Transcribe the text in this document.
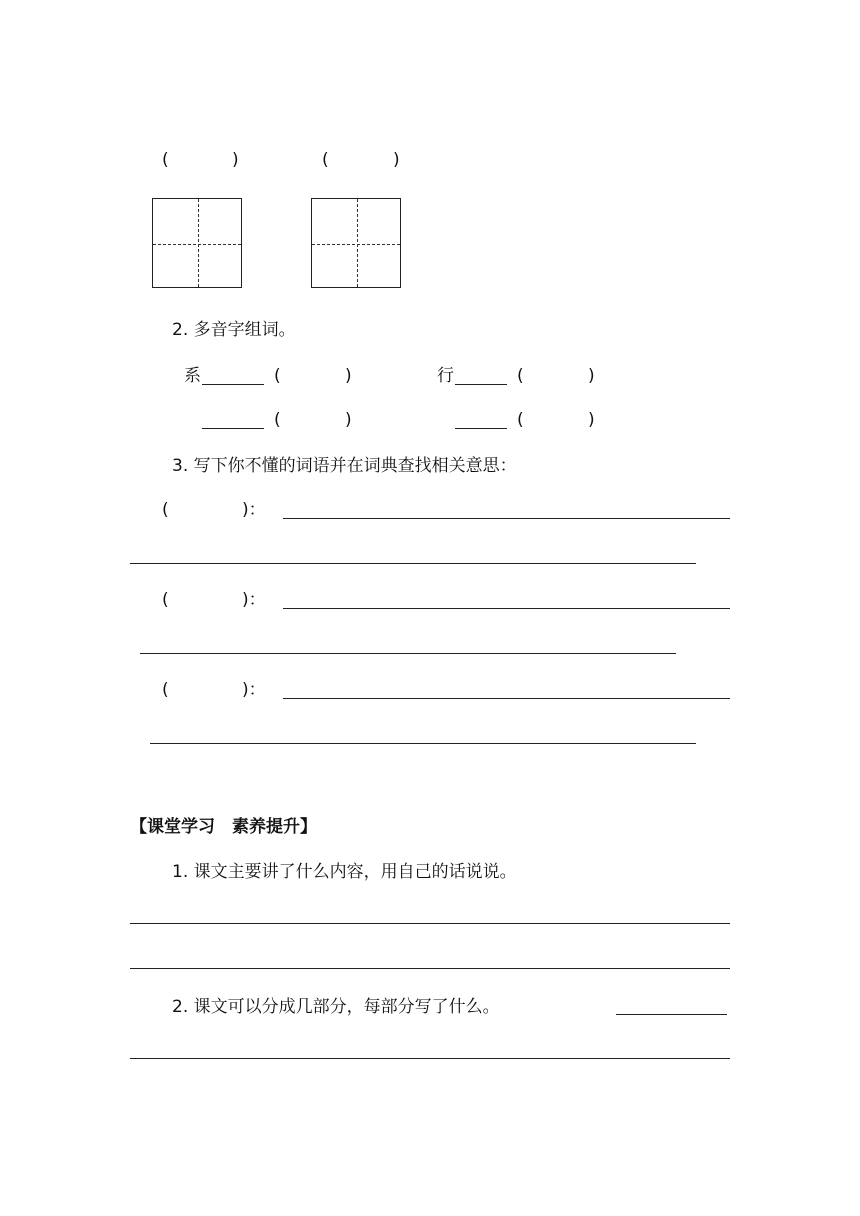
(	)	(	)
2. 多音字组词。
系	(	)	行	(	)
(	)	(	)
3. 写下你不懂的词语并在词典查找相关意思：
(	)：
(	)：
(	)：
【课堂学习　素养提升】
1. 课文主要讲了什么内容，用自己的话说说。
2. 课文可以分成几部分，每部分写了什么。
